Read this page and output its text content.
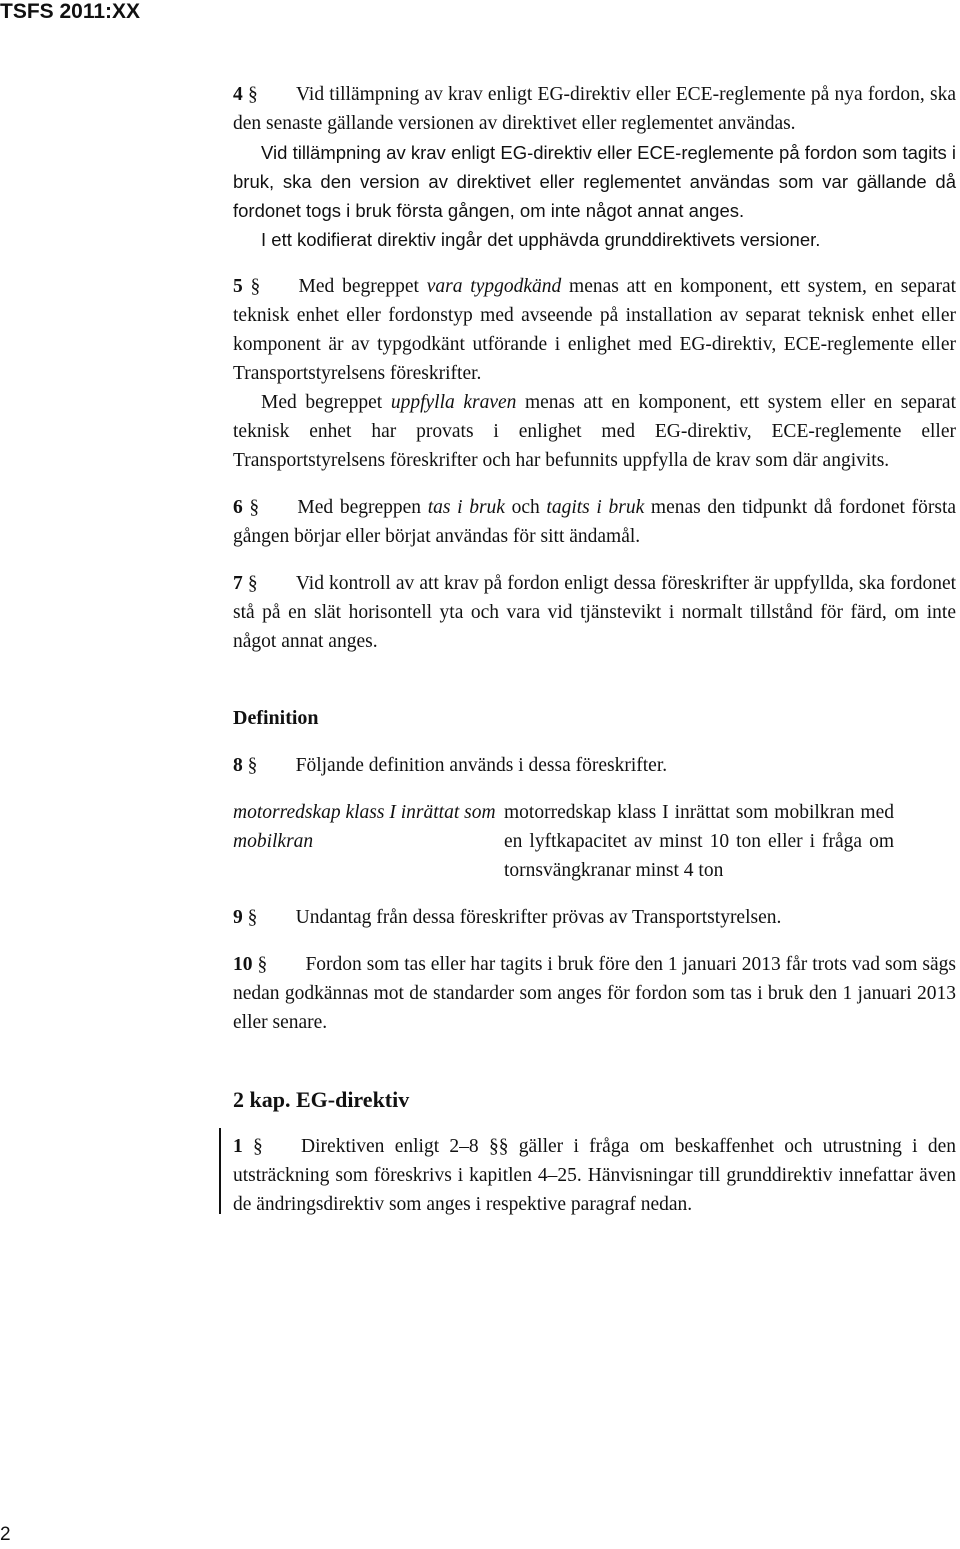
TSFS 2011:XX

4 § Vid tillämpning av krav enligt EG-direktiv eller ECE-reglemente på nya fordon, ska den senaste gällande versionen av direktivet eller reglementet användas.

Vid tillämpning av krav enligt EG-direktiv eller ECE-reglemente på fordon som tagits i bruk, ska den version av direktivet eller reglementet användas som var gällande då fordonet togs i bruk första gången, om inte något annat anges.

I ett kodifierat direktiv ingår det upphävda grunddirektivets versioner.

5 § Med begreppet vara typgodkänd menas att en komponent, ett system, en separat teknisk enhet eller fordonstyp med avseende på installation av separat teknisk enhet eller komponent är av typgodkänt utförande i enlighet med EG-direktiv, ECE-reglemente eller Transportstyrelsens föreskrifter.

Med begreppet uppfylla kraven menas att en komponent, ett system eller en separat teknisk enhet har provats i enlighet med EG-direktiv, ECE-reglemente eller Transportstyrelsens föreskrifter och har befunnits uppfylla de krav som där angivits.

6 § Med begreppen tas i bruk och tagits i bruk menas den tidpunkt då fordonet första gången börjar eller börjat användas för sitt ändamål.

7 § Vid kontroll av att krav på fordon enligt dessa föreskrifter är uppfyllda, ska fordonet stå på en slät horisontell yta och vara vid tjänstevikt i normalt tillstånd för färd, om inte något annat anges.

Definition

8 § Följande definition används i dessa föreskrifter.

motorredskap klass I inrättat som mobilkran
motorredskap klass I inrättat som mobilkran med en lyftkapacitet av minst 10 ton eller i fråga om tornsvängkranar minst 4 ton

9 § Undantag från dessa föreskrifter prövas av Transportstyrelsen.

10 § Fordon som tas eller har tagits i bruk före den 1 januari 2013 får trots vad som sägs nedan godkännas mot de standarder som anges för fordon som tas i bruk den 1 januari 2013 eller senare.

2 kap. EG-direktiv

1 § Direktiven enligt 2–8 §§ gäller i fråga om beskaffenhet och utrustning i den utsträckning som föreskrivs i kapitlen 4–25. Hänvisningar till grunddirektiv innefattar även de ändringsdirektiv som anges i respektive paragraf nedan.

2
